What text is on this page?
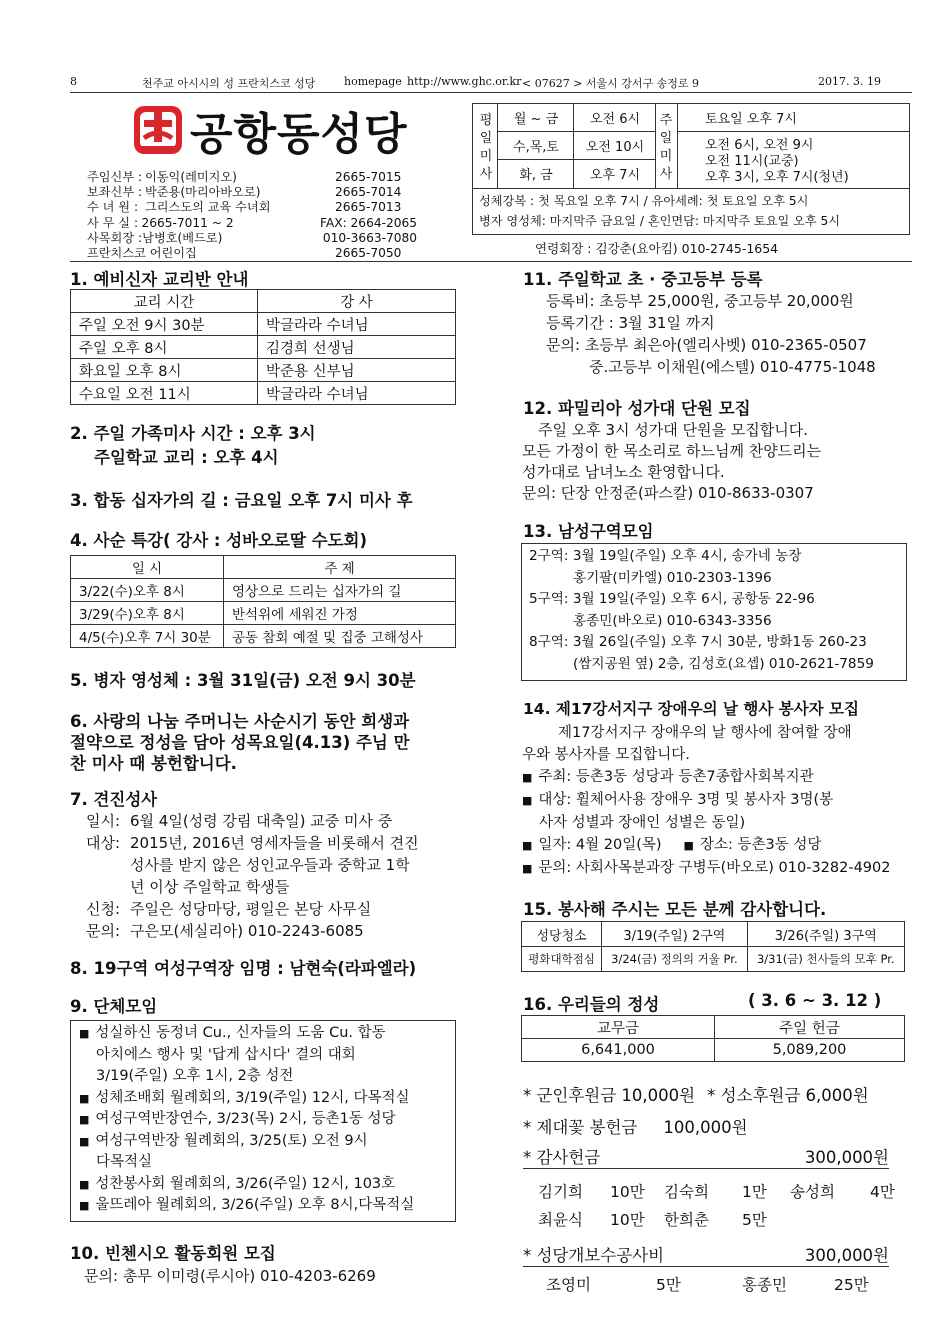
8	천주교 아시시의 성 프란치스코 성당	homepage http://www.ghc.or.kr < 07627 > 서울시 강서구 송정로 9	2017. 3. 19
공항동성당
주임신부 : 이동익(레미지오)	2665-7015
보좌신부 : 박준용(마리아바오로)	2665-7014
수 녀 원 : 그리스도의 교육 수녀회	2665-7013
사 무 실 : 2665-7011 ~ 2	FAX: 2664-2065
사목회장 : 남병호(베드로)	010-3663-7080
프란치스코 어린이집	2665-7050
평일미사
월 ~ 금	오전 6시
수,목,토	오전 10시
화, 금	오후 7시
주일미사
토요일 오후 7시
오전 6시, 오전 9시
오전 11시(교중)
오후 3시, 오후 7시(청년)
성체강복 : 첫 목요일 오후 7시 / 유아세례: 첫 토요일 오후 5시
병자 영성체: 마지막주 금요일 / 혼인면담: 마지막주 토요일 오후 5시
연령회장 : 김강춘(요아킴) 010-2745-1654
1. 예비신자 교리반 안내
교리 시간	강 사
주일 오전 9시 30분	박글라라 수녀님
주일 오후 8시	김경희 선생님
화요일 오후 8시	박준용 신부님
수요일 오전 11시	박글라라 수녀님
2. 주일 가족미사 시간 : 오후 3시
주일학교 교리 : 오후 4시
3. 합동 십자가의 길 : 금요일 오후 7시 미사 후
4. 사순 특강( 강사 : 성바오로딸 수도회)
일 시	주 제
3/22(수)오후 8시	영상으로 드리는 십자가의 길
3/29(수)오후 8시	반석위에 세워진 가정
4/5(수)오후 7시 30분	공동 참회 예절 및 집중 고해성사
5. 병자 영성체 : 3월 31일(금) 오전 9시 30분
6. 사랑의 나눔 주머니는 사순시기 동안 희생과
절약으로 정성을 담아 성목요일(4.13) 주님 만
찬 미사 때 봉헌합니다.
7. 견진성사
일시: 6월 4일(성령 강림 대축일) 교중 미사 중
대상: 2015년, 2016년 영세자들을 비롯해서 견진
성사를 받지 않은 성인교우들과 중학교 1학
년 이상 주일학교 학생들
신청: 주일은 성당마당, 평일은 본당 사무실
문의: 구은모(세실리아) 010-2243-6085
8. 19구역 여성구역장 임명 : 남현숙(라파엘라)
9. 단체모임
■ 성실하신 동정녀 Cu., 신자들의 도움 Cu. 합동
아치에스 행사 및 '답게 삽시다' 결의 대회
3/19(주일) 오후 1시, 2층 성전
■ 성체조배회 월례회의, 3/19(주일) 12시, 다목적실
■ 여성구역반장연수, 3/23(목) 2시, 등촌1동 성당
■ 여성구역반장 월례회의, 3/25(토) 오전 9시
다목적실
■ 성찬봉사회 월례회의, 3/26(주일) 12시, 103호
■ 울뜨레아 월례회의, 3/26(주일) 오후 8시,다목적실
10. 빈첸시오 활동회원 모집
문의: 총무 이미령(루시아) 010-4203-6269
11. 주일학교 초 · 중고등부 등록
등록비: 초등부 25,000원, 중고등부 20,000원
등록기간 : 3월 31일 까지
문의: 초등부 최은아(엘리사벳) 010-2365-0507
중.고등부 이채원(에스텔) 010-4775-1048
12. 파밀리아 성가대 단원 모집
주일 오후 3시 성가대 단원을 모집합니다.
모든 가정이 한 목소리로 하느님께 찬양드리는
성가대로 남녀노소 환영합니다.
문의: 단장 안정준(파스칼) 010-8633-0307
13. 남성구역모임
2구역: 3월 19일(주일) 오후 4시, 송가네 농장
홍기팔(미카엘) 010-2303-1396
5구역: 3월 19일(주일) 오후 6시, 공항동 22-96
홍종민(바오로) 010-6343-3356
8구역: 3월 26일(주일) 오후 7시 30분, 방화1동 260-23
(쌈지공원 옆) 2층, 김성호(요셉) 010-2621-7859
14. 제17강서지구 장애우의 날 행사 봉사자 모집
제17강서지구 장애우의 날 행사에 참여할 장애
우와 봉사자를 모집합니다.
■ 주최: 등촌3동 성당과 등촌7종합사회복지관
■ 대상: 휠체어사용 장애우 3명 및 봉사자 3명(봉
사자 성별과 장애인 성별은 동일)
■ 일자: 4월 20일(목)	■ 장소: 등촌3동 성당
■ 문의: 사회사목분과장 구병두(바오로) 010-3282-4902
15. 봉사해 주시는 모든 분께 감사합니다.
성당청소	3/19(주일) 2구역	3/26(주일) 3구역
평화대학점심	3/24(금) 정의의 거울 Pr.	3/31(금) 천사들의 모후 Pr.
16. 우리들의 정성	( 3. 6 ~ 3. 12 )
교무금	주일 헌금
6,641,000	5,089,200
* 군인후원금 10,000원 * 성소후원금 6,000원
* 제대꽃 봉헌금 100,000원
* 감사헌금	300,000원
김기희 10만 김숙희 1만 송성희 4만
최윤식 10만 한희춘 5만
* 성당개보수공사비	300,000원
조영미	5만	홍종민	25만
